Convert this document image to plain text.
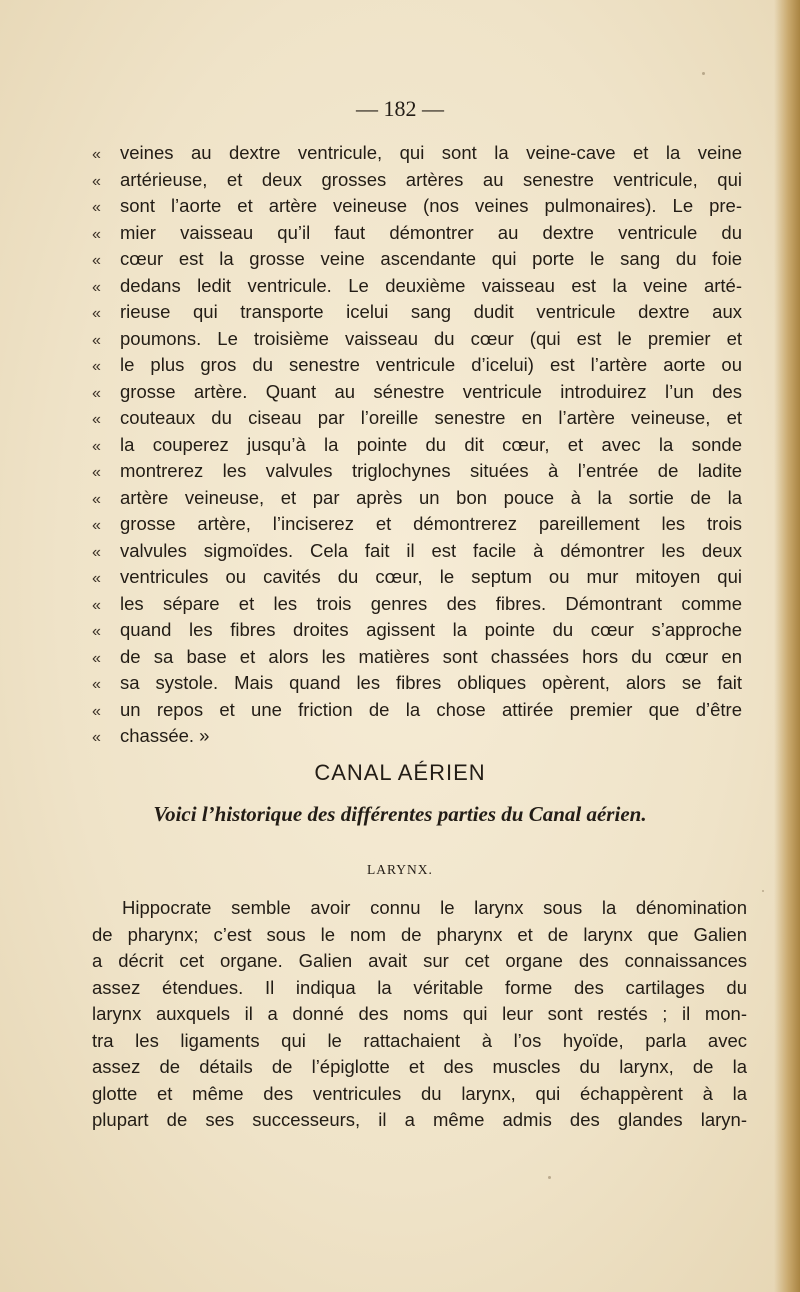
— 182 —
«	veines au dextre ventricule, qui sont la veine-cave et la veine
«	artérieuse, et deux grosses artères au senestre ventricule, qui
«	sont l’aorte et artère veineuse (nos veines pulmonaires). Le pre-
«	mier vaisseau qu’il faut démontrer au dextre ventricule du
«	cœur est la grosse veine ascendante qui porte le sang du foie
«	dedans ledit ventricule. Le deuxième vaisseau est la veine arté-
«	rieuse qui transporte icelui sang dudit ventricule dextre aux
«	poumons. Le troisième vaisseau du cœur (qui est le premier et
«	le plus gros du senestre ventricule d’icelui) est l’artère aorte ou
«	grosse artère. Quant au sénestre ventricule introduirez l’un des
«	couteaux du ciseau par l’oreille senestre en l’artère veineuse, et
«	la couperez jusqu’à la pointe du dit cœur, et avec la sonde
«	montrerez les valvules triglochynes situées à l’entrée de ladite
«	artère veineuse, et par après un bon pouce à la sortie de la
«	grosse artère, l’inciserez et démontrerez pareillement les trois
«	valvules sigmoïdes. Cela fait il est facile à démontrer les deux
«	ventricules ou cavités du cœur, le septum ou mur mitoyen qui
«	les sépare et les trois genres des fibres. Démontrant comme
«	quand les fibres droites agissent la pointe du cœur s’approche
«	de sa base et alors les matières sont chassées hors du cœur en
«	sa systole. Mais quand les fibres obliques opèrent, alors se fait
«	un repos et une friction de la chose attirée premier que d’être
«	chassée. »
CANAL AÉRIEN
Voici l’historique des différentes parties du Canal aérien.
LARYNX.
Hippocrate semble avoir connu le larynx sous la dénomination
de pharynx; c’est sous le nom de pharynx et de larynx que Galien
a décrit cet organe. Galien avait sur cet organe des connaissances
assez étendues. Il indiqua la véritable forme des cartilages du
larynx auxquels il a donné des noms qui leur sont restés ; il mon-
tra les ligaments qui le rattachaient à l’os hyoïde, parla avec
assez de détails de l’épiglotte et des muscles du larynx, de la
glotte et même des ventricules du larynx, qui échappèrent à la
plupart de ses successeurs, il a même admis des glandes laryn-
